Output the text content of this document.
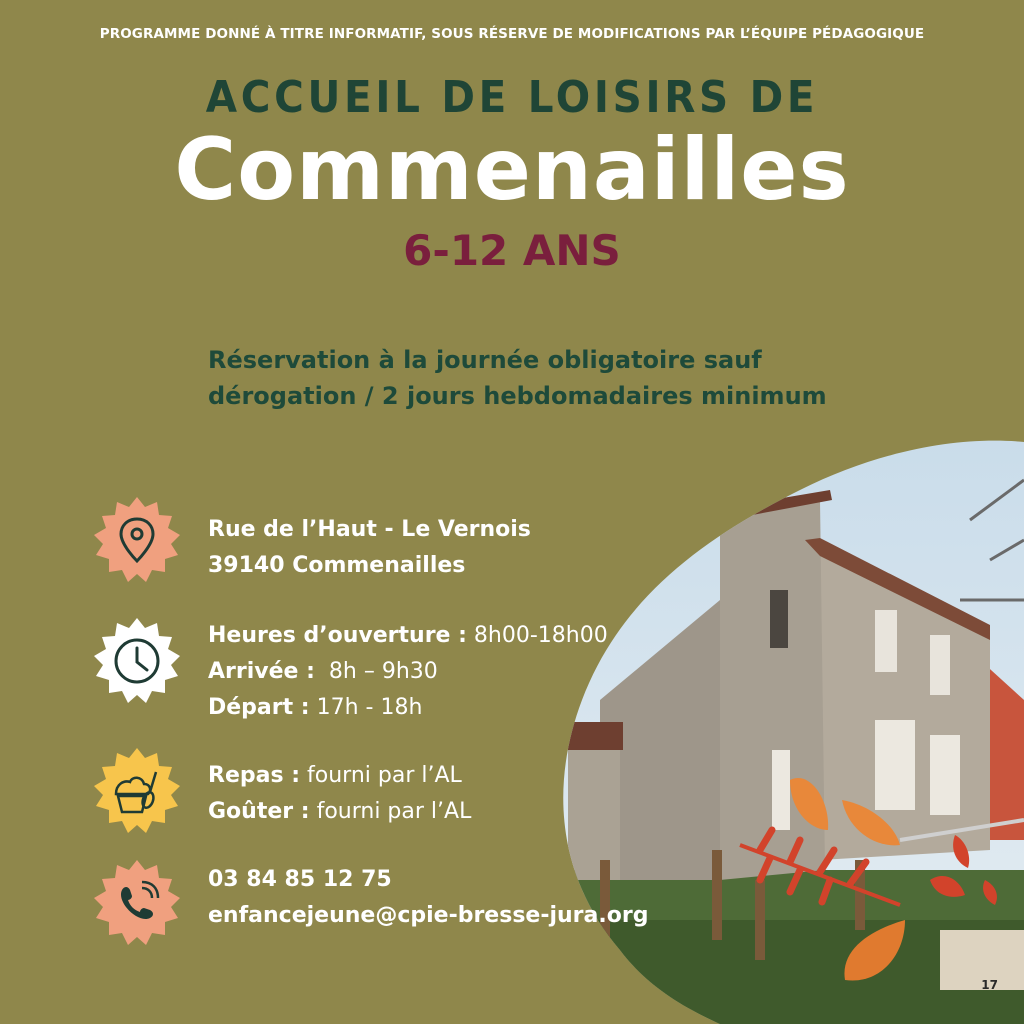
PROGRAMME DONNÉ À TITRE INFORMATIF, SOUS RÉSERVE DE MODIFICATIONS PAR L’ÉQUIPE PÉDAGOGIQUE
ACCUEIL DE LOISIRS DE
Commenailles
6-12 ANS
Réservation à la journée obligatoire sauf
dérogation / 2 jours hebdomadaires minimum
Rue de l’Haut - Le Vernois
39140 Commenailles
Heures d’ouverture : 8h00-18h00
Arrivée : 8h – 9h30
Départ : 17h - 18h
Repas : fourni par l’AL
Goûter : fourni par l’AL
03 84 85 12 75
enfancejeune@cpie-bresse-jura.org
17
